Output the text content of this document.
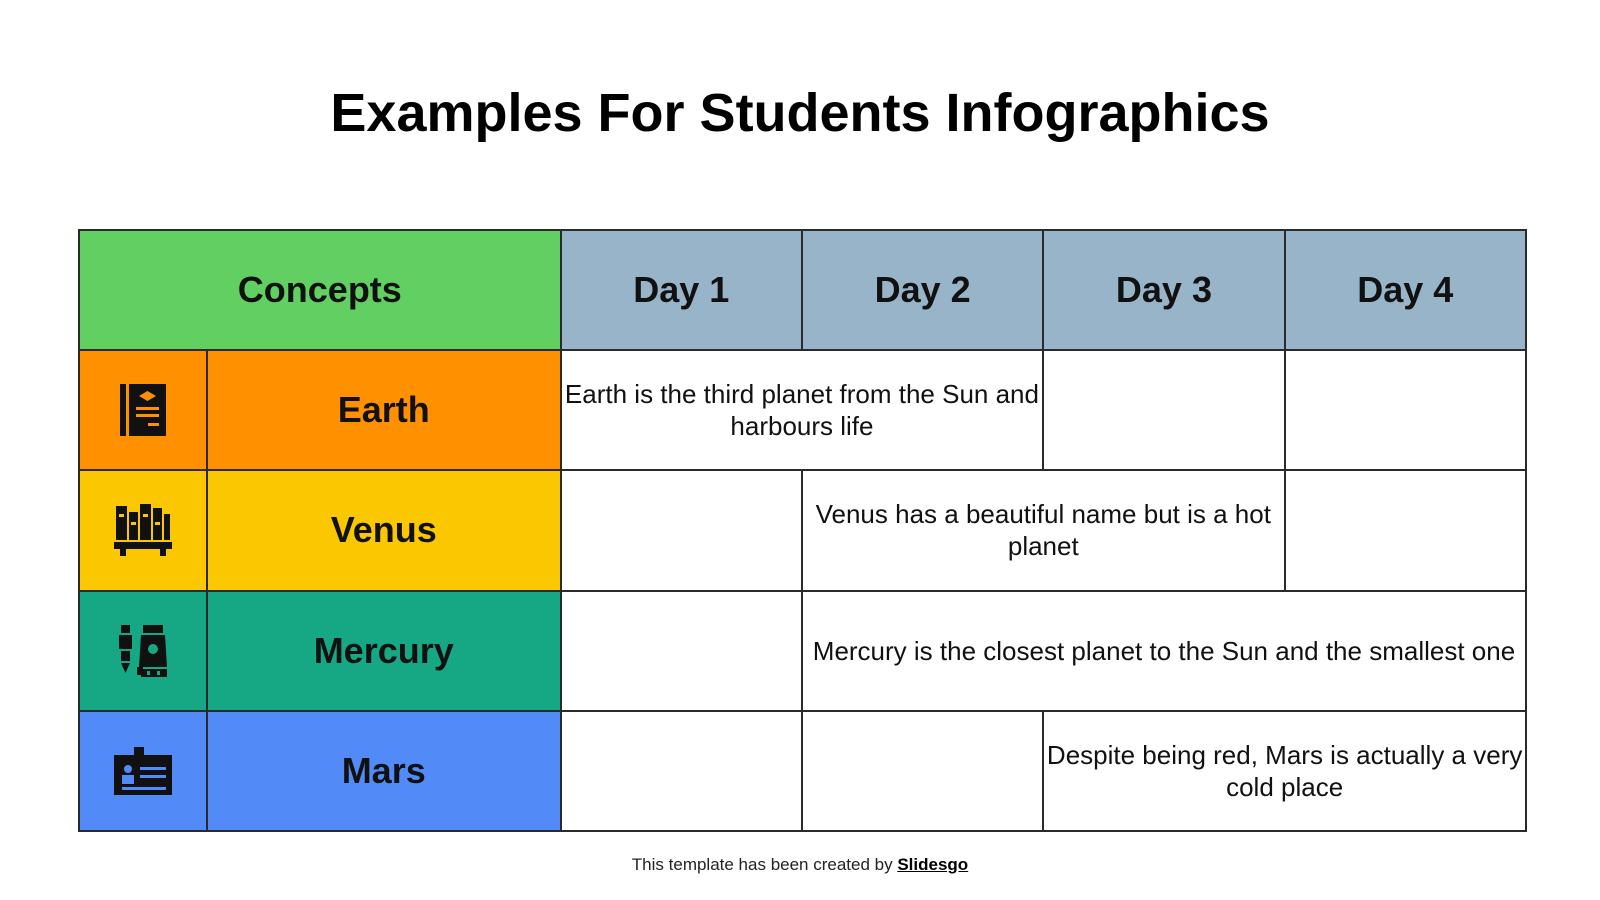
Examples For Students Infographics
Concepts		Day 1	Day 2	Day 3	Day 4

	Earth	Earth is the third planet from the Sun and harbours life			

	Venus		Venus has a beautiful name but is a hot planet		

	Mercury		Mercury is the closest planet to the Sun and the smallest one		

	Mars			Despite being red, Mars is actually a very cold place	
This template has been created by Slidesgo
